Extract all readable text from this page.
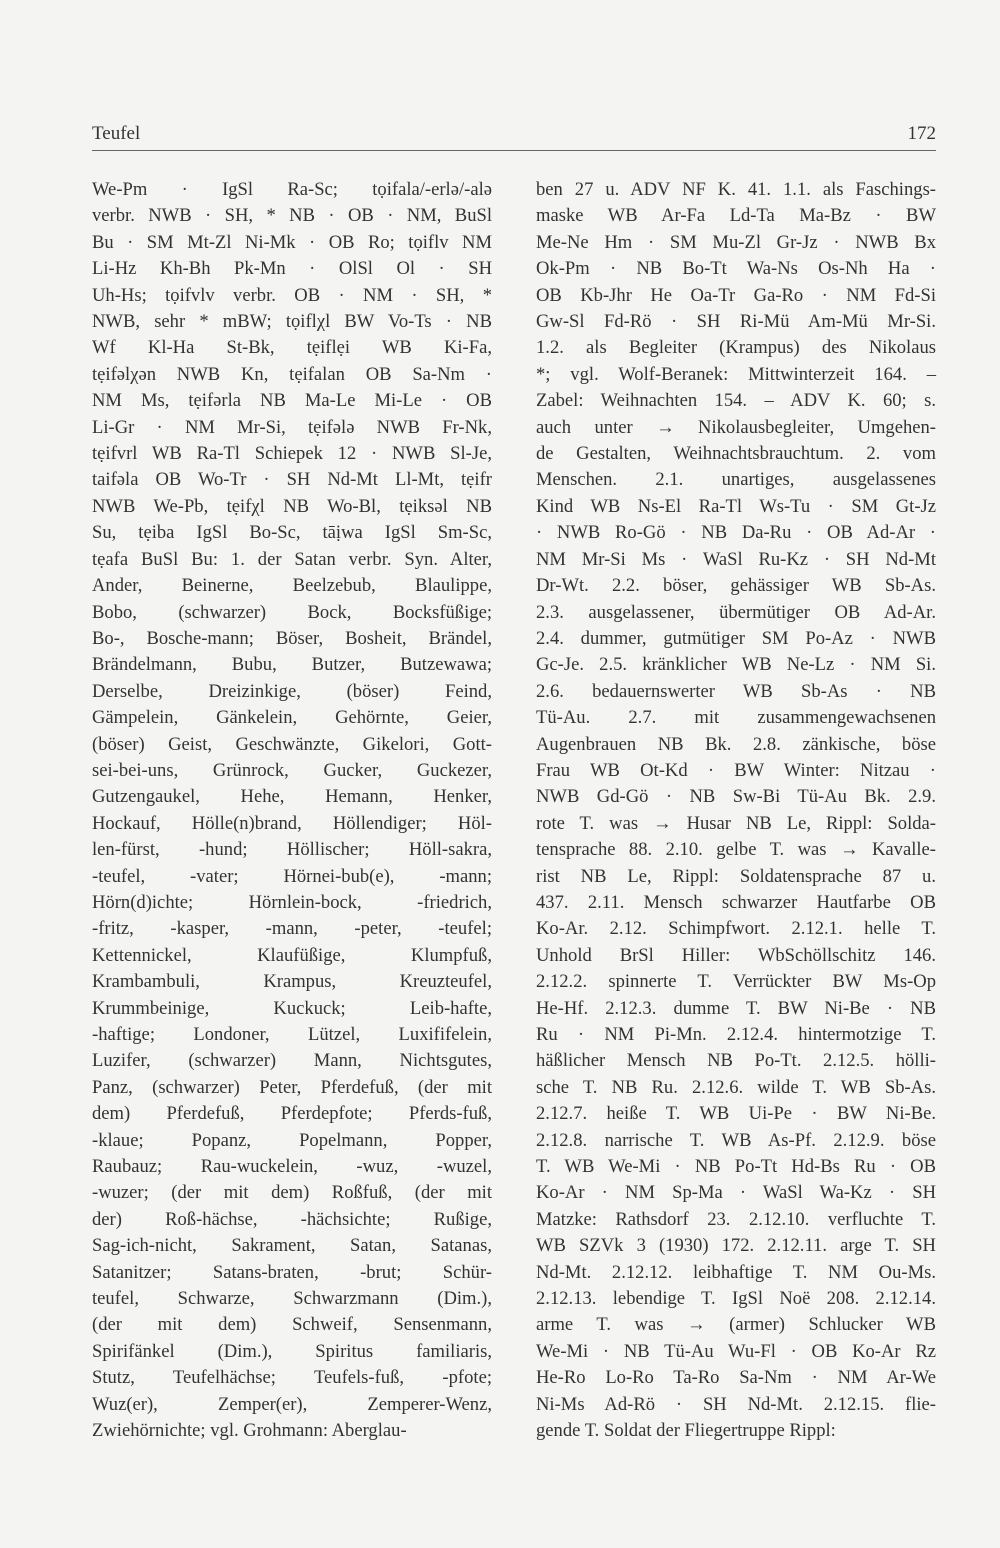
Teufel	172
We-Pm · IgSl Ra-Sc; tọifala/-erlə/-alə
verbr. NWB · SH, * NB · OB · NM, BuSl
Bu · SM Mt-Zl Ni-Mk · OB Ro; tọiflv NM
Li-Hz Kh-Bh Pk-Mn · OlSl Ol · SH
Uh-Hs; tọifvlv verbr. OB · NM · SH, *
NWB, sehr * mBW; tọiflχl BW Vo-Ts · NB
Wf Kl-Ha St-Bk, tẹiflẹi WB Ki-Fa,
tẹifəlχən NWB Kn, tẹifalan OB Sa-Nm ·
NM Ms, tẹifərla NB Ma-Le Mi-Le · OB
Li-Gr · NM Mr-Si, tẹifələ NWB Fr-Nk,
tẹifvrl WB Ra-Tl Schiepek 12 · NWB Sl-Je,
taifəla OB Wo-Tr · SH Nd-Mt Ll-Mt, tẹifr
NWB We-Pb, tẹifχl NB Wo-Bl, tẹiksəl NB
Su, tẹiba IgSl Bo-Sc, tāịwa IgSl Sm-Sc,
tẹafa BuSl Bu: 1. der Satan verbr. Syn. Alter,
Ander, Beinerne, Beelzebub, Blaulippe,
Bobo, (schwarzer) Bock, Bocksfüßige;
Bo-, Bosche-mann; Böser, Bosheit, Brändel,
Brändelmann, Bubu, Butzer, Butzewawa;
Derselbe, Dreizinkige, (böser) Feind,
Gämpelein, Gänkelein, Gehörnte, Geier,
(böser) Geist, Geschwänzte, Gikelori, Gott-
sei-bei-uns, Grünrock, Gucker, Guckezer,
Gutzengaukel, Hehe, Hemann, Henker,
Hockauf, Hölle(n)brand, Höllendiger; Höl-
len-fürst, -hund; Höllischer; Höll-sakra,
-teufel, -vater; Hörnei-bub(e), -mann;
Hörn(d)ichte; Hörnlein-bock, -friedrich,
-fritz, -kasper, -mann, -peter, -teufel;
Kettennickel, Klaufüßige, Klumpfuß,
Krambambuli, Krampus, Kreuzteufel,
Krummbeinige, Kuckuck; Leib-hafte,
-haftige; Londoner, Lützel, Luxififelein,
Luzifer, (schwarzer) Mann, Nichtsgutes,
Panz, (schwarzer) Peter, Pferdefuß, (der mit
dem) Pferdefuß, Pferdepfote; Pferds-fuß,
-klaue; Popanz, Popelmann, Popper,
Raubauz; Rau-wuckelein, -wuz, -wuzel,
-wuzer; (der mit dem) Roßfuß, (der mit
der) Roß-hächse, -hächsichte; Rußige,
Sag-ich-nicht, Sakrament, Satan, Satanas,
Satanitzer; Satans-braten, -brut; Schür-
teufel, Schwarze, Schwarzmann (Dim.),
(der mit dem) Schweif, Sensenmann,
Spirifänkel (Dim.), Spiritus familiaris,
Stutz, Teufelhächse; Teufels-fuß, -pfote;
Wuz(er), Zemper(er), Zemperer-Wenz,
Zwiehörnichte; vgl. Grohmann: Aberglau-
ben 27 u. ADV NF K. 41. 1.1. als Faschings-
maske WB Ar-Fa Ld-Ta Ma-Bz · BW
Me-Ne Hm · SM Mu-Zl Gr-Jz · NWB Bx
Ok-Pm · NB Bo-Tt Wa-Ns Os-Nh Ha ·
OB Kb-Jhr He Oa-Tr Ga-Ro · NM Fd-Si
Gw-Sl Fd-Rö · SH Ri-Mü Am-Mü Mr-Si.
1.2. als Begleiter (Krampus) des Nikolaus
*; vgl. Wolf-Beranek: Mittwinterzeit 164. –
Zabel: Weihnachten 154. – ADV K. 60; s.
auch unter → Nikolausbegleiter, Umgehen-
de Gestalten, Weihnachtsbrauchtum. 2. vom
Menschen. 2.1. unartiges, ausgelassenes
Kind WB Ns-El Ra-Tl Ws-Tu · SM Gt-Jz
· NWB Ro-Gö · NB Da-Ru · OB Ad-Ar ·
NM Mr-Si Ms · WaSl Ru-Kz · SH Nd-Mt
Dr-Wt. 2.2. böser, gehässiger WB Sb-As.
2.3. ausgelassener, übermütiger OB Ad-Ar.
2.4. dummer, gutmütiger SM Po-Az · NWB
Gc-Je. 2.5. kränklicher WB Ne-Lz · NM Si.
2.6. bedauernswerter WB Sb-As · NB
Tü-Au. 2.7. mit zusammengewachsenen
Augenbrauen NB Bk. 2.8. zänkische, böse
Frau WB Ot-Kd · BW Winter: Nitzau ·
NWB Gd-Gö · NB Sw-Bi Tü-Au Bk. 2.9.
rote T. was → Husar NB Le, Rippl: Solda-
tensprache 88. 2.10. gelbe T. was → Kavalle-
rist NB Le, Rippl: Soldatensprache 87 u.
437. 2.11. Mensch schwarzer Hautfarbe OB
Ko-Ar. 2.12. Schimpfwort. 2.12.1. helle T.
Unhold BrSl Hiller: WbSchöllschitz 146.
2.12.2. spinnerte T. Verrückter BW Ms-Op
He-Hf. 2.12.3. dumme T. BW Ni-Be · NB
Ru · NM Pi-Mn. 2.12.4. hintermotzige T.
häßlicher Mensch NB Po-Tt. 2.12.5. hölli-
sche T. NB Ru. 2.12.6. wilde T. WB Sb-As.
2.12.7. heiße T. WB Ui-Pe · BW Ni-Be.
2.12.8. narrische T. WB As-Pf. 2.12.9. böse
T. WB We-Mi · NB Po-Tt Hd-Bs Ru · OB
Ko-Ar · NM Sp-Ma · WaSl Wa-Kz · SH
Matzke: Rathsdorf 23. 2.12.10. verfluchte T.
WB SZVk 3 (1930) 172. 2.12.11. arge T. SH
Nd-Mt. 2.12.12. leibhaftige T. NM Ou-Ms.
2.12.13. lebendige T. IgSl Noë 208. 2.12.14.
arme T. was → (armer) Schlucker WB
We-Mi · NB Tü-Au Wu-Fl · OB Ko-Ar Rz
He-Ro Lo-Ro Ta-Ro Sa-Nm · NM Ar-We
Ni-Ms Ad-Rö · SH Nd-Mt. 2.12.15. flie-
gende T. Soldat der Fliegertruppe Rippl:
